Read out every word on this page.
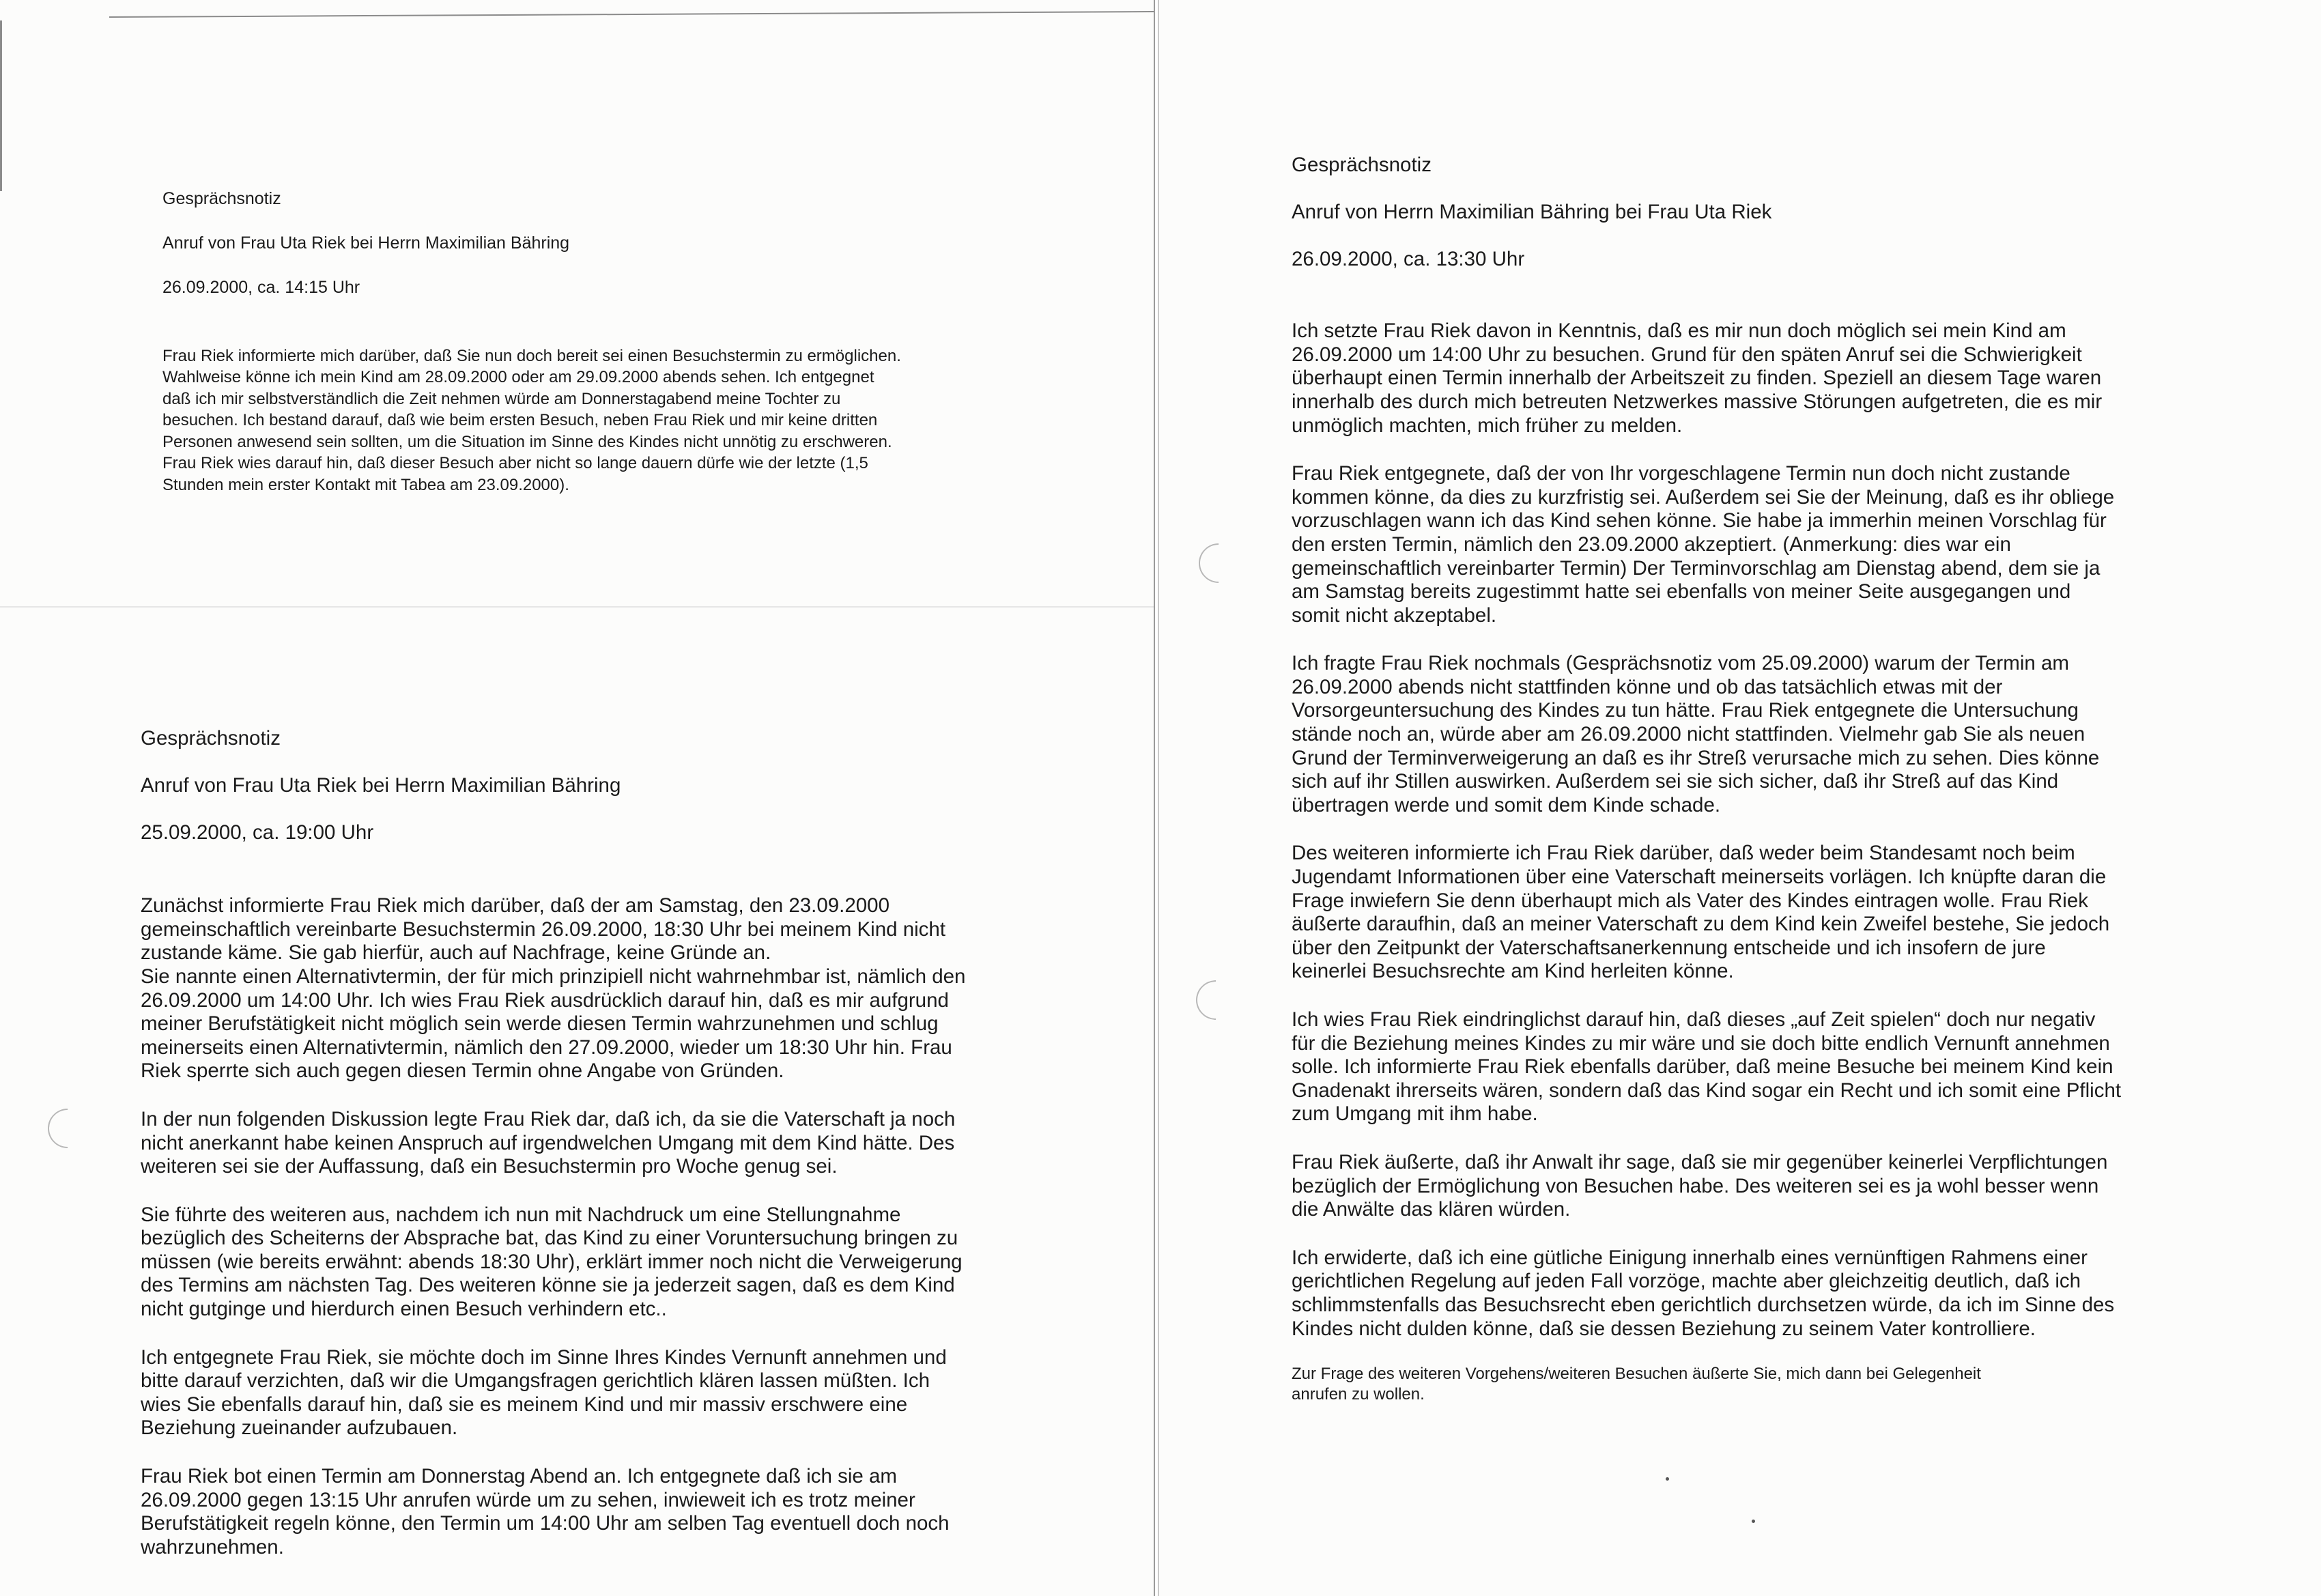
Gesprächsnotiz

Anruf von Frau Uta Riek bei Herrn Maximilian Bähring

26.09.2000, ca. 14:15 Uhr

Frau Riek informierte mich darüber, daß Sie nun doch bereit sei einen Besuchstermin zu ermöglichen.
Wahlweise könne ich mein Kind am 28.09.2000 oder am 29.09.2000 abends sehen. Ich entgegnet
daß ich mir selbstverständlich die Zeit nehmen würde am Donnerstagabend meine Tochter zu
besuchen. Ich bestand darauf, daß wie beim ersten Besuch, neben Frau Riek und mir keine dritten
Personen anwesend sein sollten, um die Situation im Sinne des Kindes nicht unnötig zu erschweren.
Frau Riek wies darauf hin, daß dieser Besuch aber nicht so lange dauern dürfe wie der letzte (1,5
Stunden mein erster Kontakt mit Tabea am 23.09.2000).

Gesprächsnotiz

Anruf von Frau Uta Riek bei Herrn Maximilian Bähring

25.09.2000, ca. 19:00 Uhr

Zunächst informierte Frau Riek mich darüber, daß der am Samstag, den 23.09.2000
gemeinschaftlich vereinbarte Besuchstermin 26.09.2000, 18:30 Uhr bei meinem Kind nicht
zustande käme. Sie gab hierfür, auch auf Nachfrage, keine Gründe an.
Sie nannte einen Alternativtermin, der für mich prinzipiell nicht wahrnehmbar ist, nämlich den
26.09.2000 um 14:00 Uhr. Ich wies Frau Riek ausdrücklich darauf hin, daß es mir aufgrund
meiner Berufstätigkeit nicht möglich sein werde diesen Termin wahrzunehmen und schlug
meinerseits einen Alternativtermin, nämlich den 27.09.2000, wieder um 18:30 Uhr hin. Frau
Riek sperrte sich auch gegen diesen Termin ohne Angabe von Gründen.

In der nun folgenden Diskussion legte Frau Riek dar, daß ich, da sie die Vaterschaft ja noch
nicht anerkannt habe keinen Anspruch auf irgendwelchen Umgang mit dem Kind hätte. Des
weiteren sei sie der Auffassung, daß ein Besuchstermin pro Woche genug sei.

Sie führte des weiteren aus, nachdem ich nun mit Nachdruck um eine Stellungnahme
bezüglich des Scheiterns der Absprache bat, das Kind zu einer Voruntersuchung bringen zu
müssen (wie bereits erwähnt: abends 18:30 Uhr), erklärt immer noch nicht die Verweigerung
des Termins am nächsten Tag. Des weiteren könne sie ja jederzeit sagen, daß es dem Kind
nicht gutginge und hierdurch einen Besuch verhindern etc..

Ich entgegnete Frau Riek, sie möchte doch im Sinne Ihres Kindes Vernunft annehmen und
bitte darauf verzichten, daß wir die Umgangsfragen gerichtlich klären lassen müßten. Ich
wies Sie ebenfalls darauf hin, daß sie es meinem Kind und mir massiv erschwere eine
Beziehung zueinander aufzubauen.

Frau Riek bot einen Termin am Donnerstag Abend an. Ich entgegnete daß ich sie am
26.09.2000 gegen 13:15 Uhr anrufen würde um zu sehen, inwieweit ich es trotz meiner
Berufstätigkeit regeln könne, den Termin um 14:00 Uhr am selben Tag eventuell doch noch
wahrzunehmen.

Gesprächsnotiz

Anruf von Herrn Maximilian Bähring bei Frau Uta Riek

26.09.2000, ca. 13:30 Uhr

Ich setzte Frau Riek davon in Kenntnis, daß es mir nun doch möglich sei mein Kind am
26.09.2000 um 14:00 Uhr zu besuchen. Grund für den späten Anruf sei die Schwierigkeit
überhaupt einen Termin innerhalb der Arbeitszeit zu finden. Speziell an diesem Tage waren
innerhalb des durch mich betreuten Netzwerkes massive Störungen aufgetreten, die es mir
unmöglich machten, mich früher zu melden.

Frau Riek entgegnete, daß der von Ihr vorgeschlagene Termin nun doch nicht zustande
kommen könne, da dies zu kurzfristig sei. Außerdem sei Sie der Meinung, daß es ihr obliege
vorzuschlagen wann ich das Kind sehen könne. Sie habe ja immerhin meinen Vorschlag für
den ersten Termin, nämlich den 23.09.2000 akzeptiert. (Anmerkung: dies war ein
gemeinschaftlich vereinbarter Termin) Der Terminvorschlag am Dienstag abend, dem sie ja
am Samstag bereits zugestimmt hatte sei ebenfalls von meiner Seite ausgegangen und
somit nicht akzeptabel.

Ich fragte Frau Riek nochmals (Gesprächsnotiz vom 25.09.2000) warum der Termin am
26.09.2000 abends nicht stattfinden könne und ob das tatsächlich etwas mit der
Vorsorgeuntersuchung des Kindes zu tun hätte. Frau Riek entgegnete die Untersuchung
stände noch an, würde aber am 26.09.2000 nicht stattfinden. Vielmehr gab Sie als neuen
Grund der Terminverweigerung an daß es ihr Streß verursache mich zu sehen. Dies könne
sich auf ihr Stillen auswirken. Außerdem sei sie sich sicher, daß ihr Streß auf das Kind
übertragen werde und somit dem Kinde schade.

Des weiteren informierte ich Frau Riek darüber, daß weder beim Standesamt noch beim
Jugendamt Informationen über eine Vaterschaft meinerseits vorlägen. Ich knüpfte daran die
Frage inwiefern Sie denn überhaupt mich als Vater des Kindes eintragen wolle. Frau Riek
äußerte daraufhin, daß an meiner Vaterschaft zu dem Kind kein Zweifel bestehe, Sie jedoch
über den Zeitpunkt der Vaterschaftsanerkennung entscheide und ich insofern de jure
keinerlei Besuchsrechte am Kind herleiten könne.

Ich wies Frau Riek eindringlichst darauf hin, daß dieses „auf Zeit spielen“ doch nur negativ
für die Beziehung meines Kindes zu mir wäre und sie doch bitte endlich Vernunft annehmen
solle. Ich informierte Frau Riek ebenfalls darüber, daß meine Besuche bei meinem Kind kein
Gnadenakt ihrerseits wären, sondern daß das Kind sogar ein Recht und ich somit eine Pflicht
zum Umgang mit ihm habe.

Frau Riek äußerte, daß ihr Anwalt ihr sage, daß sie mir gegenüber keinerlei Verpflichtungen
bezüglich der Ermöglichung von Besuchen habe. Des weiteren sei es ja wohl besser wenn
die Anwälte das klären würden.

Ich erwiderte, daß ich eine gütliche Einigung innerhalb eines vernünftigen Rahmens einer
gerichtlichen Regelung auf jeden Fall vorzöge, machte aber gleichzeitig deutlich, daß ich
schlimmstenfalls das Besuchsrecht eben gerichtlich durchsetzen würde, da ich im Sinne des
Kindes nicht dulden könne, daß sie dessen Beziehung zu seinem Vater kontrolliere.

Zur Frage des weiteren Vorgehens/weiteren Besuchen äußerte Sie, mich dann bei Gelegenheit
anrufen zu wollen.
